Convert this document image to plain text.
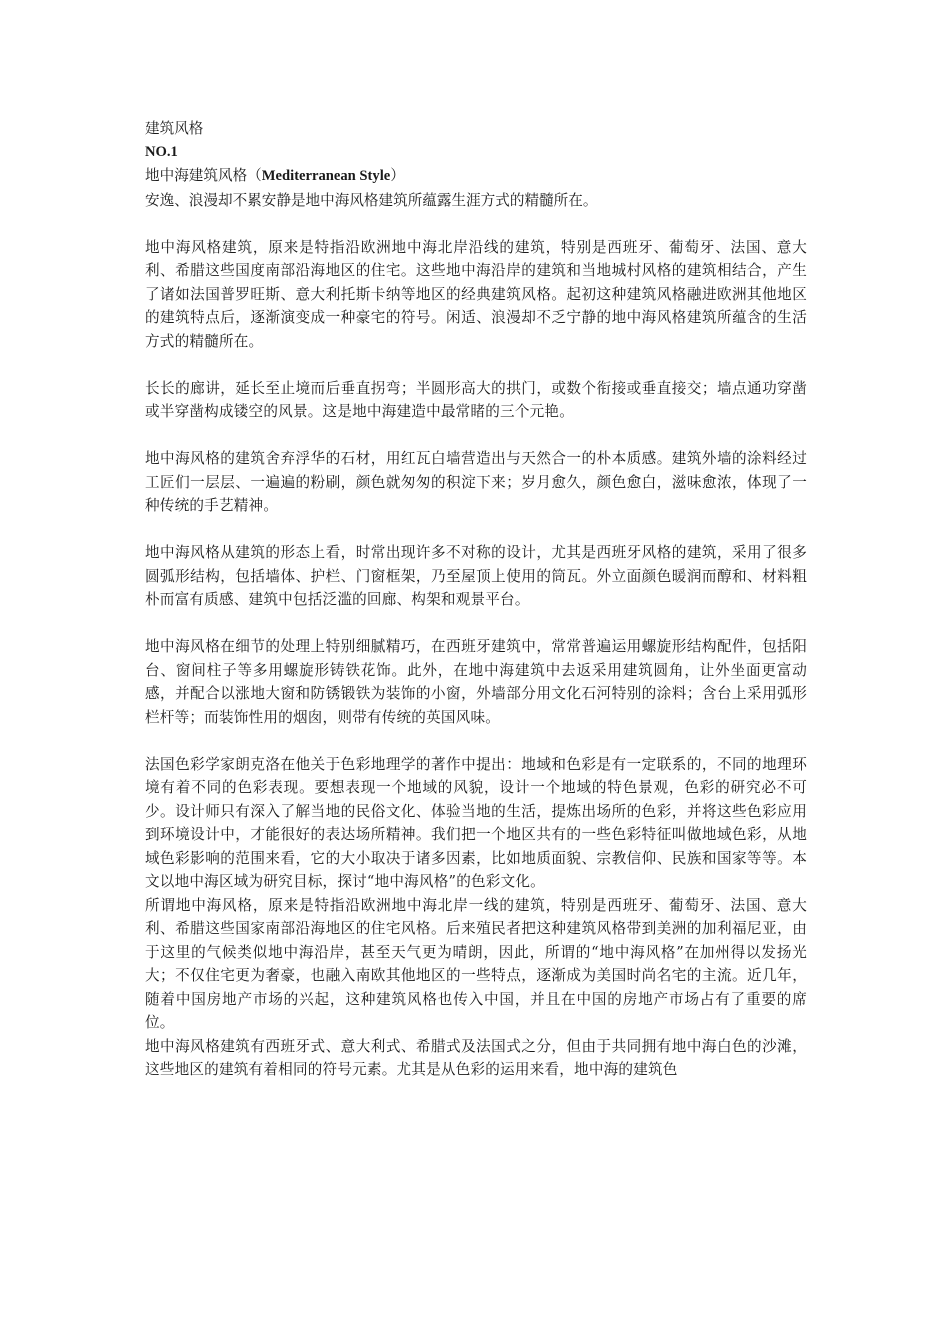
建筑风格

NO.1

地中海建筑风格（Mediterranean Style）

安逸、浪漫却不累安静是地中海风格建筑所蕴露生涯方式的精髓所在。

地中海风格建筑，原来是特指沿欧洲地中海北岸沿线的建筑，特别是西班牙、葡萄牙、法国、意大利、希腊这些国度南部沿海地区的住宅。这些地中海沿岸的建筑和当地城村风格的建筑相结合，产生了诸如法国普罗旺斯、意大利托斯卡纳等地区的经典建筑风格。起初这种建筑风格融进欧洲其他地区的建筑特点后，逐渐演变成一种豪宅的符号。闲适、浪漫却不乏宁静的地中海风格建筑所蕴含的生活方式的精髓所在。

长长的廊讲，延长至止境而后垂直拐弯；半圆形高大的拱门，或数个衔接或垂直接交；墙点通功穿凿或半穿凿构成镂空的风景。这是地中海建造中最常睹的三个元艳。

地中海风格的建筑舍弃浮华的石材，用红瓦白墙营造出与天然合一的朴本质感。建筑外墙的涂料经过工匠们一层层、一遍遍的粉刷，颜色就匆匆的积淀下来；岁月愈久，颜色愈白，滋味愈浓，体现了一种传统的手艺精神。

地中海风格从建筑的形态上看，时常出现许多不对称的设计，尤其是西班牙风格的建筑，采用了很多圆弧形结构，包括墙体、护栏、门窗框架，乃至屋顶上使用的筒瓦。外立面颜色暖润而醇和、材料粗朴而富有质感、建筑中包括泛滥的回廊、构架和观景平台。

地中海风格在细节的处理上特别细腻精巧，在西班牙建筑中，常常普遍运用螺旋形结构配件，包括阳台、窗间柱子等多用螺旋形铸铁花饰。此外，在地中海建筑中去返采用建筑圆角，让外坐面更富动感，并配合以涨地大窗和防锈锻铁为装饰的小窗，外墙部分用文化石河特别的涂料；含台上采用弧形栏杆等；而装饰性用的烟囱，则带有传统的英国风味。

法国色彩学家朗克洛在他关于色彩地理学的著作中提出：地域和色彩是有一定联系的，不同的地理环境有着不同的色彩表现。要想表现一个地域的风貌，设计一个地域的特色景观，色彩的研究必不可少。设计师只有深入了解当地的民俗文化、体验当地的生活，提炼出场所的色彩，并将这些色彩应用到环境设计中，才能很好的表达场所精神。我们把一个地区共有的一些色彩特征叫做地域色彩，从地域色彩影响的范围来看，它的大小取决于诸多因素，比如地质面貌、宗教信仰、民族和国家等等。本文以地中海区域为研究目标，探讨“地中海风格”的色彩文化。

所谓地中海风格，原来是特指沿欧洲地中海北岸一线的建筑，特别是西班牙、葡萄牙、法国、意大利、希腊这些国家南部沿海地区的住宅风格。后来殖民者把这种建筑风格带到美洲的加利福尼亚，由于这里的气候类似地中海沿岸，甚至天气更为晴朗，因此，所谓的“地中海风格”在加州得以发扬光大；不仅住宅更为奢豪，也融入南欧其他地区的一些特点，逐渐成为美国时尚名宅的主流。近几年，随着中国房地产市场的兴起，这种建筑风格也传入中国，并且在中国的房地产市场占有了重要的席位。

地中海风格建筑有西班牙式、意大利式、希腊式及法国式之分，但由于共同拥有地中海白色的沙滩，这些地区的建筑有着相同的符号元素。尤其是从色彩的运用来看，地中海的建筑色
